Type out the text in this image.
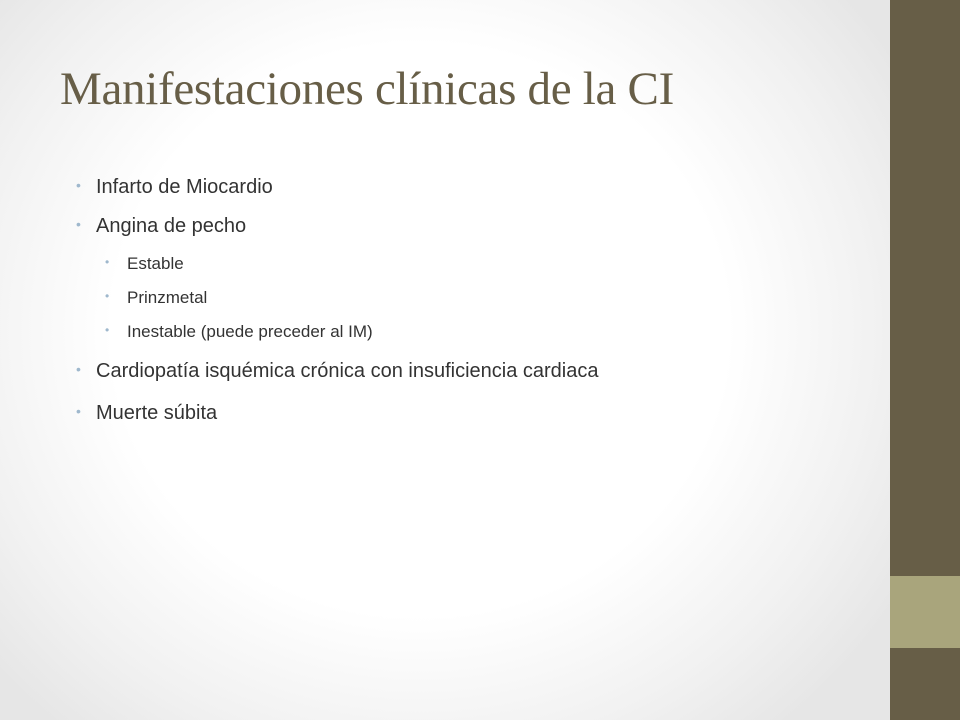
Manifestaciones clínicas de la CI
• Infarto de Miocardio
• Angina de pecho
• Estable
• Prinzmetal
• Inestable (puede preceder al IM)
• Cardiopatía isquémica crónica con insuficiencia cardiaca
• Muerte súbita
